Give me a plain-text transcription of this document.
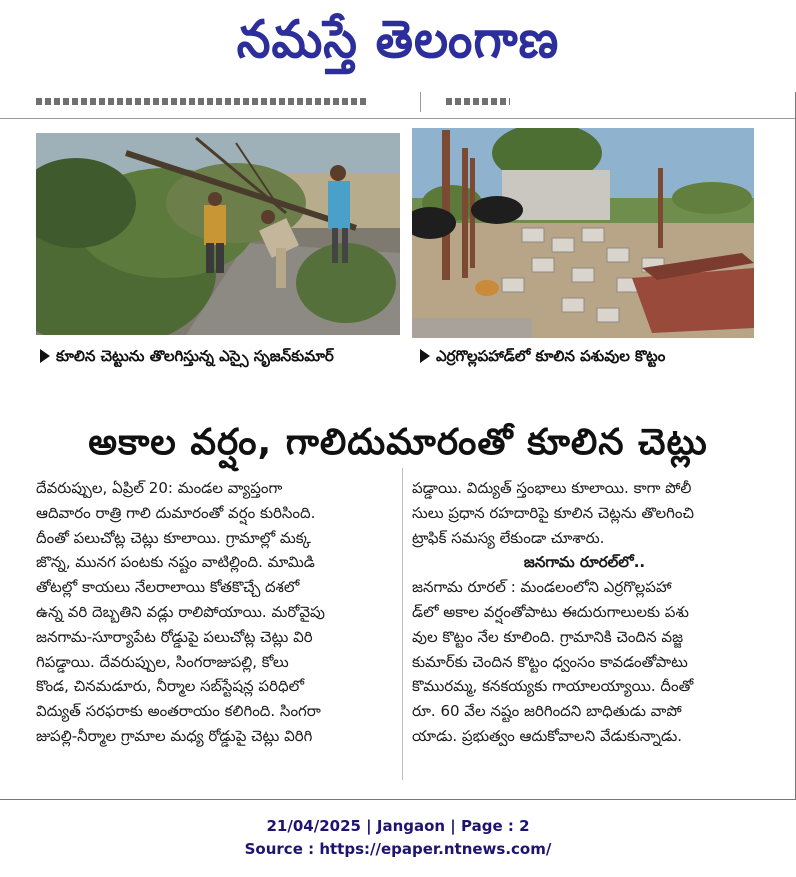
నమస్తే తెలంగాణ
కూలిన చెట్టును తొలగిస్తున్న ఎస్సై సృజన్‌కుమార్	ఎర్రగొల్లపహాడ్‌లో కూలిన పశువుల కొట్టం
అకాల వర్షం, గాలిదుమారంతో కూలిన చెట్లు
దేవరుప్పుల, ఏప్రిల్ 20: మండల వ్యాప్తంగా
ఆదివారం రాత్రి గాలి దుమారంతో వర్షం కురిసింది.
దీంతో పలుచోట్ల చెట్లు కూలాయి. గ్రామాల్లో మక్క
జొన్న, మునగ పంటకు నష్టం వాటిల్లింది. మామిడి
తోటల్లో కాయలు నేలరాలాయి కోతకొచ్చే దశలో
ఉన్న వరి దెబ్బతిని వడ్లు రాలిపోయాయి. మరోవైపు
జనగామ-సూర్యాపేట రోడ్డుపై పలుచోట్ల చెట్లు విరి
గిపడ్డాయి. దేవరుప్పుల, సింగరాజుపల్లి, కోలు
కొండ, చినమడూరు, నీర్మాల సబ్‌స్టేషన్ల పరిధిలో
విద్యుత్ సరఫరాకు అంతరాయం కలిగింది. సింగరా
జుపల్లి-నీర్మాల గ్రామాల మధ్య రోడ్డుపై చెట్లు విరిగి
పడ్డాయి. విద్యుత్ స్తంభాలు కూలాయి. కాగా పోలీ
సులు ప్రధాన రహదారిపై కూలిన చెట్లను తొలగించి
ట్రాఫిక్ సమస్య లేకుండా చూశారు.
జనగామ రూరల్‌లో..
జనగామ రూరల్ : మండలంలోని ఎర్రగొల్లపహా
డ్‌లో అకాల వర్షంతోపాటు ఈదురుగాలులకు పశు
వుల కొట్టం నేల కూలింది. గ్రామానికి చెందిన వజ్జ
కుమార్‌కు చెందిన కొట్టం ధ్వంసం కావడంతోపాటు
కొమురమ్మ, కనకయ్యకు గాయాలయ్యాయి. దీంతో
రూ. 60 వేల నష్టం జరిగిందని బాధితుడు వాపో
యాడు. ప్రభుత్వం ఆదుకోవాలని వేడుకున్నాడు.
21/04/2025 | Jangaon | Page : 2
Source : https://epaper.ntnews.com/
